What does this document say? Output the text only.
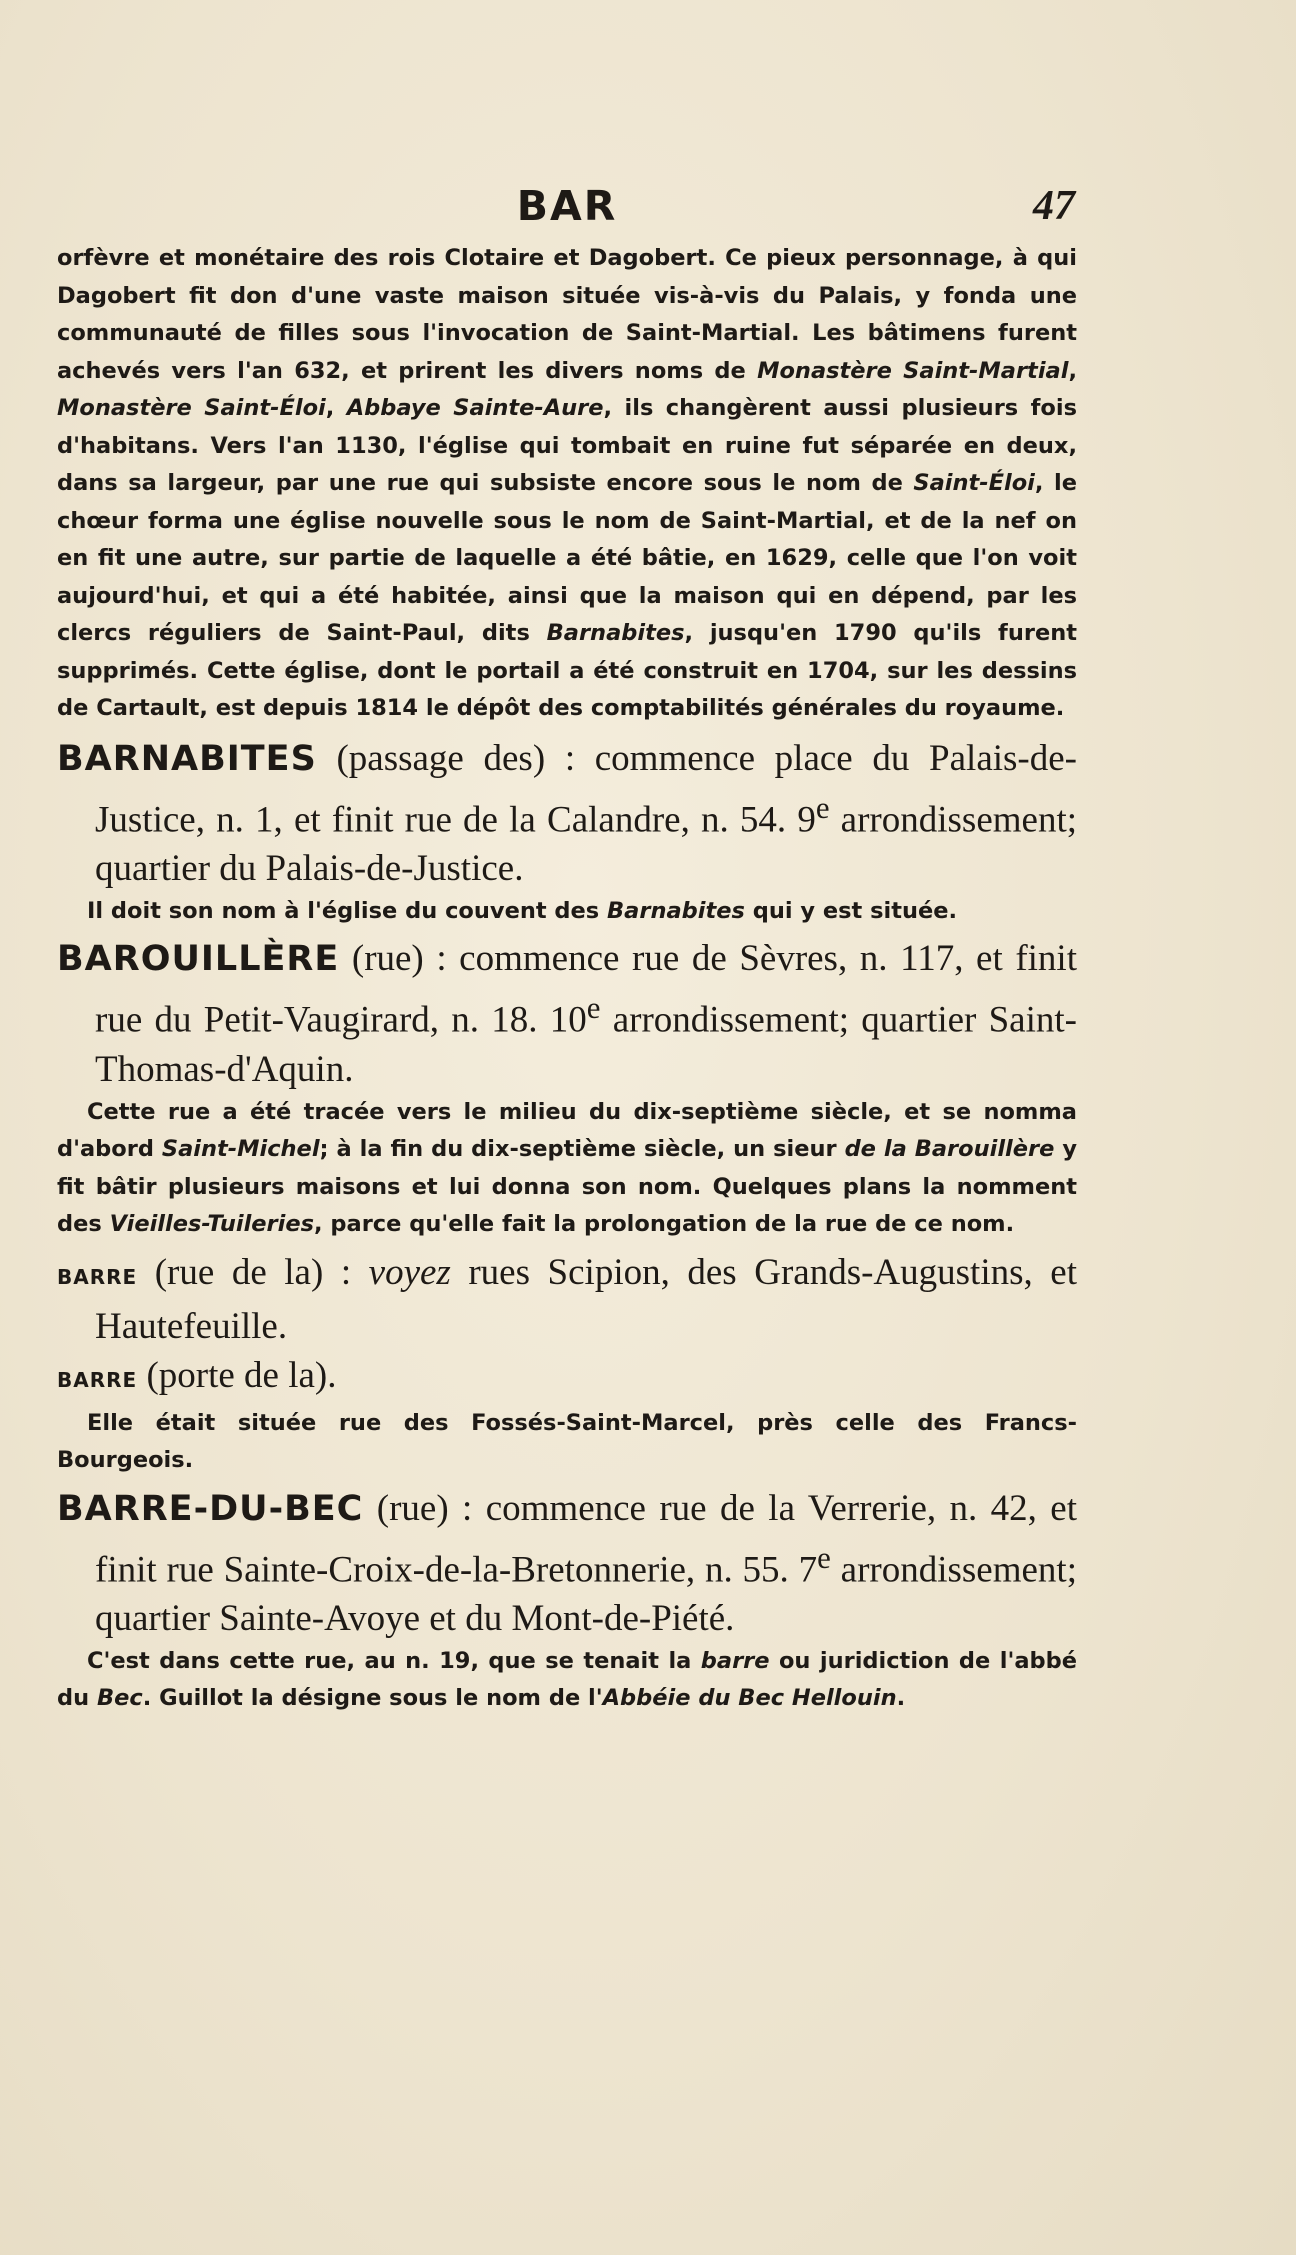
BAR	47

orfèvre et monétaire des rois Clotaire et Dagobert. Ce pieux personnage, à qui Dagobert fit don d'une vaste maison située vis-à-vis du Palais, y fonda une communauté de filles sous l'invocation de Saint-Martial. Les bâtimens furent achevés vers l'an 632, et prirent les divers noms de Monastère Saint-Martial, Monastère Saint-Éloi, Abbaye Sainte-Aure, ils changèrent aussi plusieurs fois d'habitans. Vers l'an 1130, l'église qui tombait en ruine fut séparée en deux, dans sa largeur, par une rue qui subsiste encore sous le nom de Saint-Éloi, le chœur forma une église nouvelle sous le nom de Saint-Martial, et de la nef on en fit une autre, sur partie de laquelle a été bâtie, en 1629, celle que l'on voit aujourd'hui, et qui a été habitée, ainsi que la maison qui en dépend, par les clercs réguliers de Saint-Paul, dits Barnabites, jusqu'en 1790 qu'ils furent supprimés. Cette église, dont le portail a été construit en 1704, sur les dessins de Cartault, est depuis 1814 le dépôt des comptabilités générales du royaume.

BARNABITES (passage des) : commence place du Palais-de-Justice, n. 1, et finit rue de la Calandre, n. 54. 9e arrondissement; quartier du Palais-de-Justice.

Il doit son nom à l'église du couvent des Barnabites qui y est située.

BAROUILLÈRE (rue) : commence rue de Sèvres, n. 117, et finit rue du Petit-Vaugirard, n. 18. 10e arrondissement; quartier Saint-Thomas-d'Aquin.

Cette rue a été tracée vers le milieu du dix-septième siècle, et se nomma d'abord Saint-Michel; à la fin du dix-septième siècle, un sieur de la Barouillère y fit bâtir plusieurs maisons et lui donna son nom. Quelques plans la nomment des Vieilles-Tuileries, parce qu'elle fait la prolongation de la rue de ce nom.

BARRE (rue de la) : voyez rues Scipion, des Grands-Augustins, et Hautefeuille.

BARRE (porte de la).

Elle était située rue des Fossés-Saint-Marcel, près celle des Francs-Bourgeois.

BARRE-DU-BEC (rue) : commence rue de la Verrerie, n. 42, et finit rue Sainte-Croix-de-la-Bretonnerie, n. 55. 7e arrondissement; quartier Sainte-Avoye et du Mont-de-Piété.

C'est dans cette rue, au n. 19, que se tenait la barre ou juridiction de l'abbé du Bec. Guillot la désigne sous le nom de l'Abbéie du Bec Hellouin.
